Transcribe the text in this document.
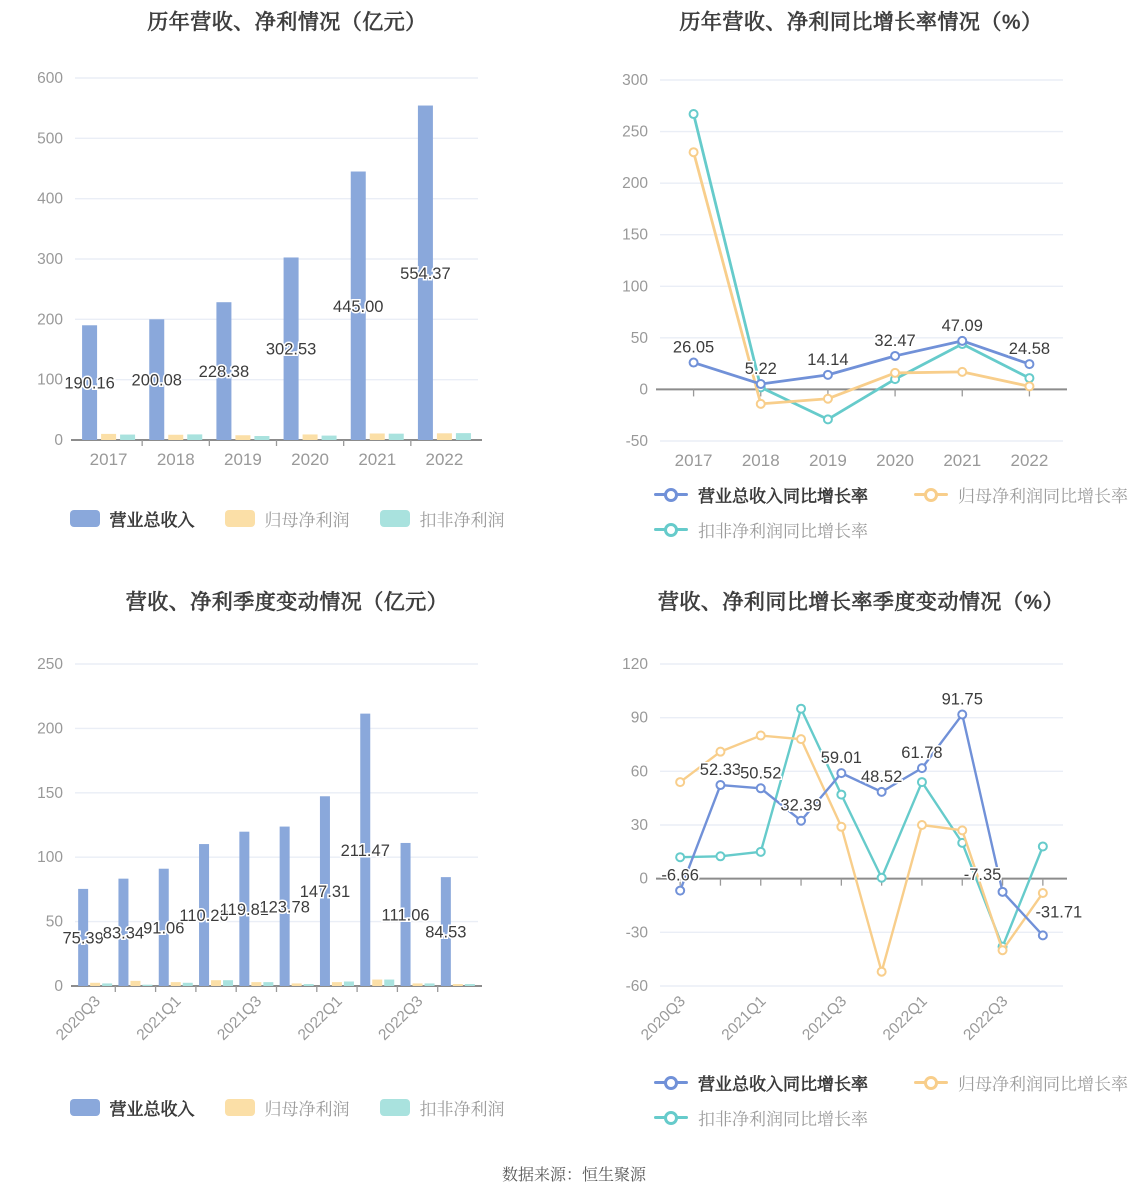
历年营收、净利情况（亿元）
0
100
200
300
400
500
600
2017 2018 2019 2020 2021 2022
190.16 200.08 228.38
302.53
445.00
554.37
营业总收入	归母净利润	扣非净利润
历年营收、净利同比增长率情况（%）
-50
0
50
100
150
200
250
300
2017 2018 2019 2020 2021 2022
26.05
5.22
14.14
32.47
47.09
24.58
营业总收入同比增长率	归母净利润同比增长率
扣非净利润同比增长率
营收、净利季度变动情况（亿元）
0
50
100
150
200
250
2020Q3 2021Q1 2021Q3 2022Q1 2022Q3
75.39 83.34 91.06
110.20
119.81
123.78
147.31
211.47
111.06
84.53
营业总收入	归母净利润	扣非净利润
营收、净利同比增长率季度变动情况（%）
-60
-30
0
30
60
90
120
2020Q3 2021Q1 2021Q3 2022Q1 2022Q3
-6.66
52.33 50.52
32.39
59.01
48.52
61.78
91.75
-7.35
-31.71
营业总收入同比增长率	归母净利润同比增长率
扣非净利润同比增长率
数据来源：恒生聚源
